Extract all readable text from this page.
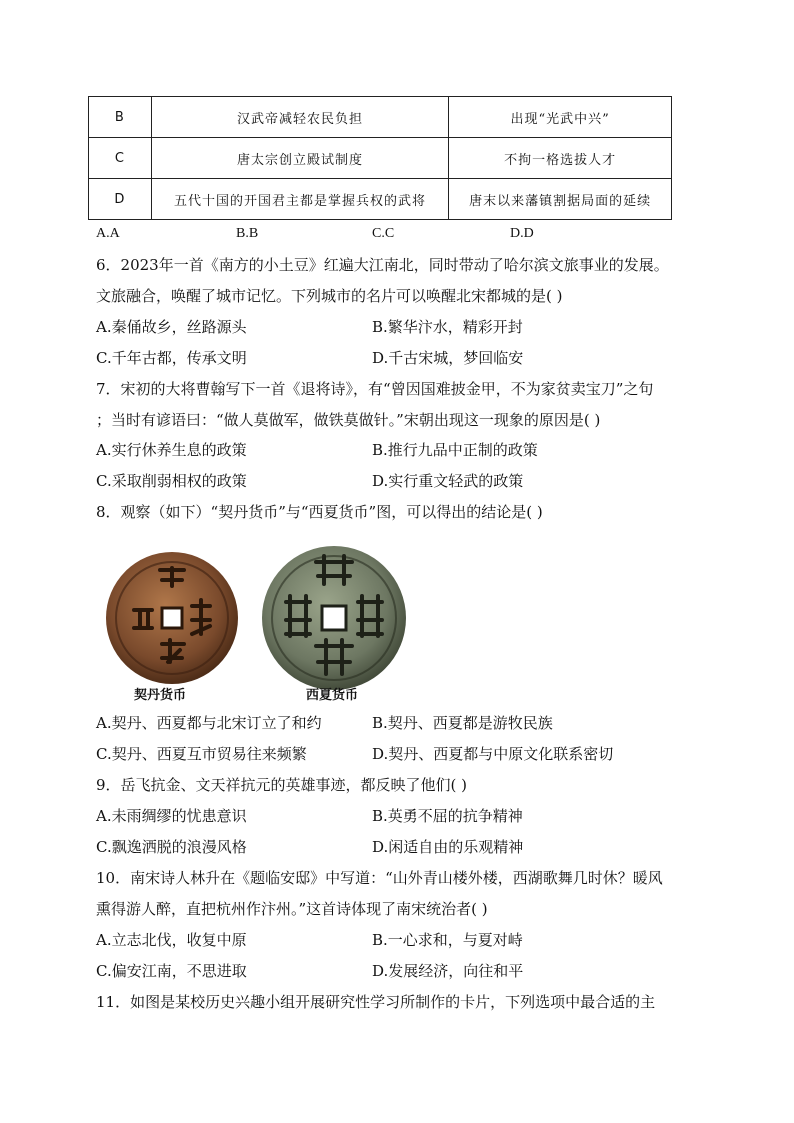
B	汉武帝减轻农民负担	出现“光武中兴”
C	唐太宗创立殿试制度	不拘一格选拔人才
D	五代十国的开国君主都是掌握兵权的武将	唐末以来藩镇割据局面的延续
A.A	B.B	C.C	D.D
6．2023年一首《南方的小土豆》红遍大江南北，同时带动了哈尔滨文旅事业的发展。
文旅融合，唤醒了城市记忆。下列城市的名片可以唤醒北宋都城的是( )
A.秦俑故乡，丝路源头	B.繁华汴水，精彩开封
C.千年古都，传承文明	D.千古宋城，梦回临安
7．宋初的大将曹翰写下一首《退将诗》，有“曾因国难披金甲，不为家贫卖宝刀”之句
；当时有谚语曰：“做人莫做军，做铁莫做针。”宋朝出现这一现象的原因是( )
A.实行休养生息的政策	B.推行九品中正制的政策
C.采取削弱相权的政策	D.实行重文轻武的政策
8．观察（如下）“契丹货币”与“西夏货币”图，可以得出的结论是( )
契丹货币	西夏货币
A.契丹、西夏都与北宋订立了和约	B.契丹、西夏都是游牧民族
C.契丹、西夏互市贸易往来频繁	D.契丹、西夏都与中原文化联系密切
9．岳飞抗金、文天祥抗元的英雄事迹，都反映了他们( )
A.未雨绸缪的忧患意识	B.英勇不屈的抗争精神
C.飘逸洒脱的浪漫风格	D.闲适自由的乐观精神
10．南宋诗人林升在《题临安邸》中写道：“山外青山楼外楼，西湖歌舞几时休？暖风
熏得游人醉，直把杭州作汴州。”这首诗体现了南宋统治者( )
A.立志北伐，收复中原	B.一心求和，与夏对峙
C.偏安江南，不思进取	D.发展经济，向往和平
11．如图是某校历史兴趣小组开展研究性学习所制作的卡片，下列选项中最合适的主
